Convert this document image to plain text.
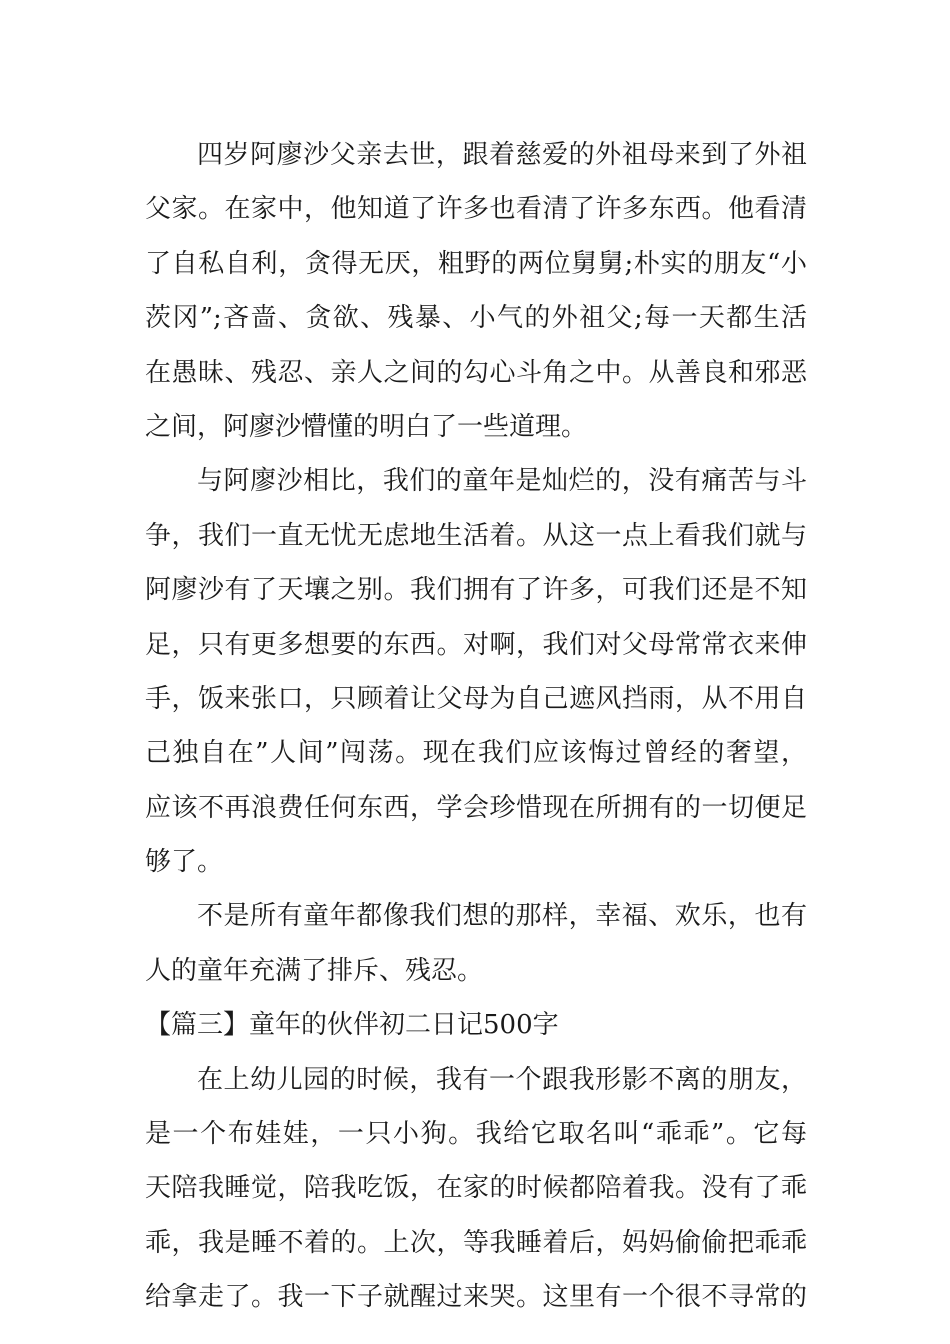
四岁阿廖沙父亲去世，跟着慈爱的外祖母来到了外祖
父家。在家中，他知道了许多也看清了许多东西。他看清
了自私自利，贪得无厌，粗野的两位舅舅;朴实的朋友“小
茨冈”;吝啬、贪欲、残暴、小气的外祖父;每一天都生活
在愚昧、残忍、亲人之间的勾心斗角之中。从善良和邪恶
之间，阿廖沙懵懂的明白了一些道理。
与阿廖沙相比，我们的童年是灿烂的，没有痛苦与斗
争，我们一直无忧无虑地生活着。从这一点上看我们就与
阿廖沙有了天壤之别。我们拥有了许多，可我们还是不知
足，只有更多想要的东西。对啊，我们对父母常常衣来伸
手，饭来张口，只顾着让父母为自己遮风挡雨，从不用自
己独自在”人间”闯荡。现在我们应该悔过曾经的奢望，
应该不再浪费任何东西，学会珍惜现在所拥有的一切便足
够了。
不是所有童年都像我们想的那样，幸福、欢乐，也有
人的童年充满了排斥、残忍。
【篇三】童年的伙伴初二日记500字
在上幼儿园的时候，我有一个跟我形影不离的朋友，
是一个布娃娃，一只小狗。我给它取名叫“乖乖”。它每
天陪我睡觉，陪我吃饭，在家的时候都陪着我。没有了乖
乖，我是睡不着的。上次，等我睡着后，妈妈偷偷把乖乖
给拿走了。我一下子就醒过来哭。这里有一个很不寻常的
